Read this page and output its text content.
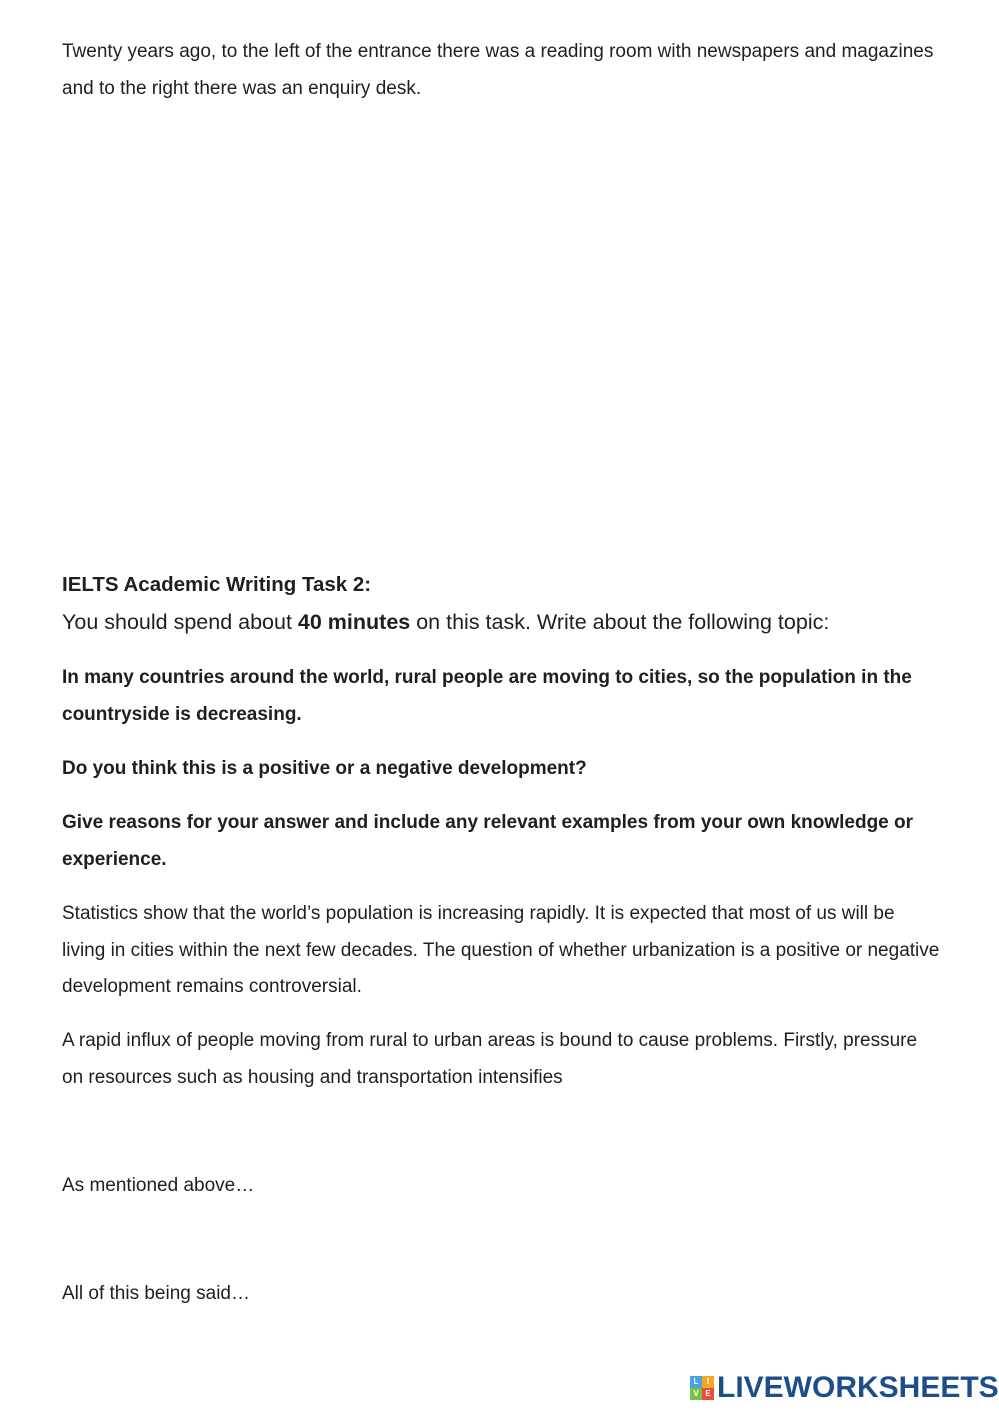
Twenty years ago, to the left of the entrance there was a reading room with newspapers and magazines and to the right there was an enquiry desk.

IELTS Academic Writing Task 2:

You should spend about 40 minutes on this task. Write about the following topic:

In many countries around the world, rural people are moving to cities, so the population in the countryside is decreasing.

Do you think this is a positive or a negative development?

Give reasons for your answer and include any relevant examples from your own knowledge or experience.

Statistics show that the world’s population is increasing rapidly. It is expected that most of us will be living in cities within the next few decades. The question of whether urbanization is a positive or negative development remains controversial.

A rapid influx of people moving from rural to urban areas is bound to cause problems. Firstly, pressure on resources such as housing and transportation intensifies

As mentioned above…

All of this being said…

L	I
V E LIVEWORKSHEETS
